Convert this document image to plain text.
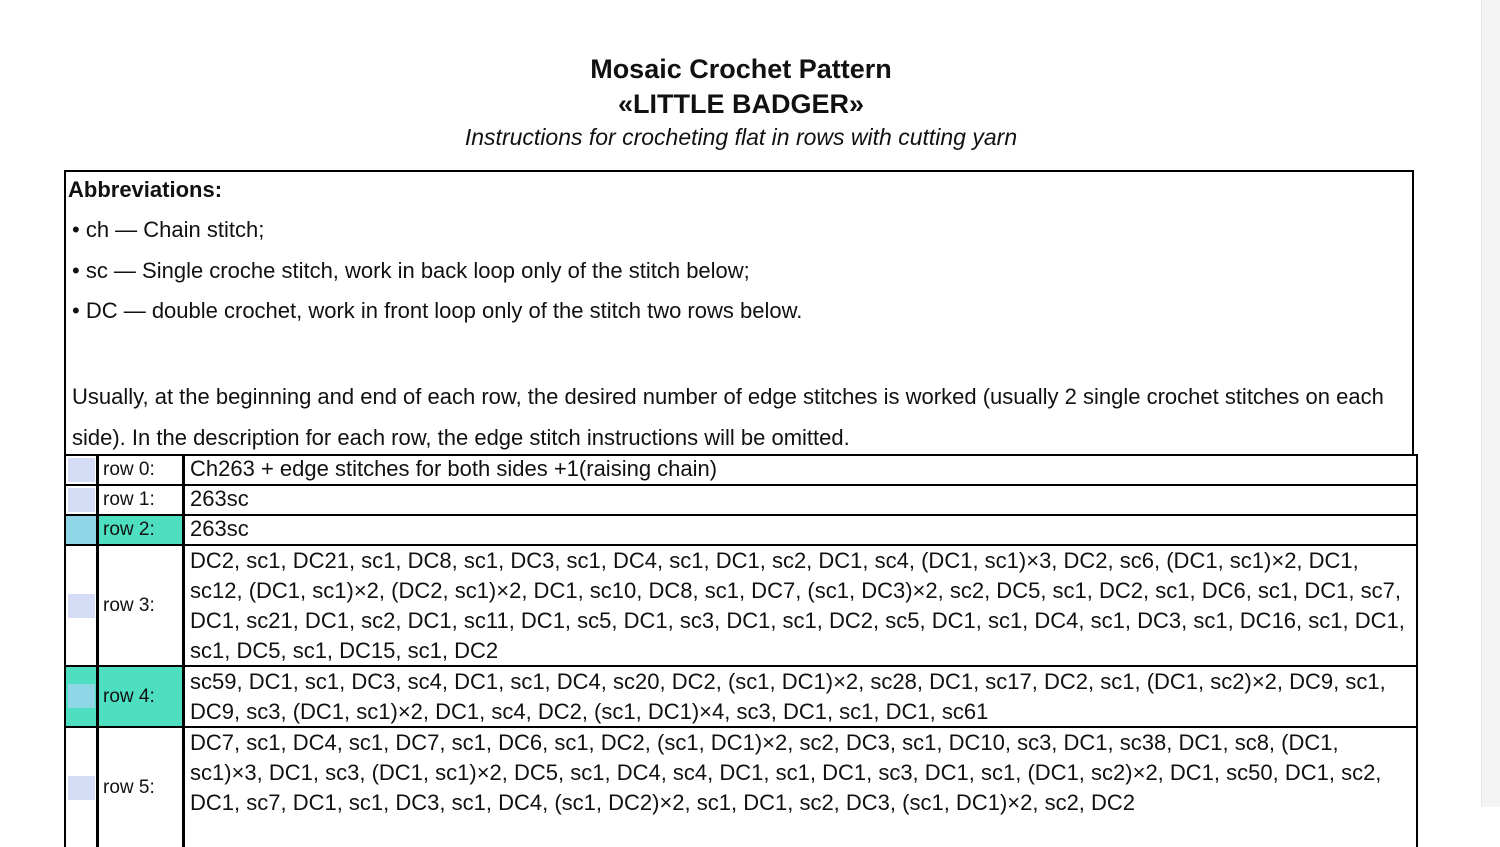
Mosaic Crochet Pattern
«LITTLE BADGER»
Instructions for crocheting flat in rows with cutting yarn
Abbreviations:
• ch — Chain stitch;
• sc — Single croche stitch, work in back loop only of the stitch below;
• DC — double crochet, work in front loop only of the stitch two rows below.
Usually, at the beginning and end of each row, the desired number of edge stitches is worked (usually 2 single crochet stitches on each side). In the description for each row, the edge stitch instructions will be omitted.
row 0:	Ch263 + edge stitches for both sides +1(raising chain)
row 1:	263sc
row 2:	263sc
row 3:
DC2, sc1, DC21, sc1, DC8, sc1, DC3, sc1, DC4, sc1, DC1, sc2, DC1, sc4, (DC1, sc1)×3, DC2, sc6, (DC1, sc1)×2, DC1, sc12, (DC1, sc1)×2, (DC2, sc1)×2, DC1, sc10, DC8, sc1, DC7, (sc1, DC3)×2, sc2, DC5, sc1, DC2, sc1, DC6, sc1, DC1, sc7, DC1, sc21, DC1, sc2, DC1, sc11, DC1, sc5, DC1, sc3, DC1, sc1, DC2, sc5, DC1, sc1, DC4, sc1, DC3, sc1, DC16, sc1, DC1, sc1, DC5, sc1, DC15, sc1, DC2
row 4:
sc59, DC1, sc1, DC3, sc4, DC1, sc1, DC4, sc20, DC2, (sc1, DC1)×2, sc28, DC1, sc17, DC2, sc1, (DC1, sc2)×2, DC9, sc1, DC9, sc3, (DC1, sc1)×2, DC1, sc4, DC2, (sc1, DC1)×4, sc3, DC1, sc1, DC1, sc61
row 5:
DC7, sc1, DC4, sc1, DC7, sc1, DC6, sc1, DC2, (sc1, DC1)×2, sc2, DC3, sc1, DC10, sc3, DC1, sc38, DC1, sc8, (DC1, sc1)×3, DC1, sc3, (DC1, sc1)×2, DC5, sc1, DC4, sc4, DC1, sc1, DC1, sc3, DC1, sc1, (DC1, sc2)×2, DC1, sc50, DC1, sc2, DC1, sc7, DC1, sc1, DC3, sc1, DC4, (sc1, DC2)×2, sc1, DC1, sc2, DC3, (sc1, DC1)×2, sc2, DC2
